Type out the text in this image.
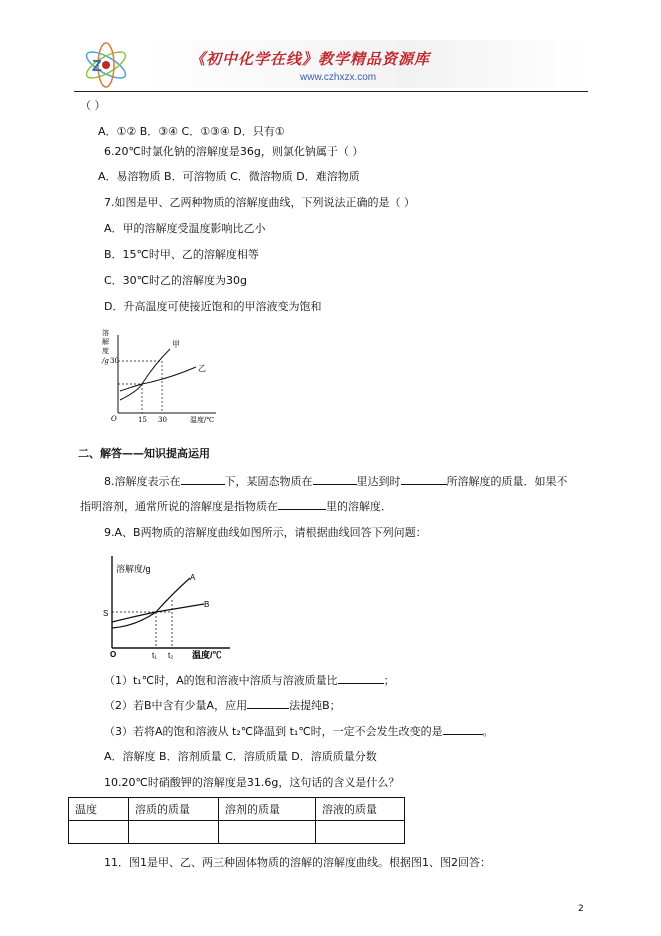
Z	《初中化学在线》教学精品资源库
www.czhxzx.com
（ ）
A．①② B．③④ C．①③④ D．只有①
6.20℃时氯化钠的溶解度是36g，则氯化钠属于（ ）
A．易溶物质 B．可溶物质 C．微溶物质 D．难溶物质
7.如图是甲、乙两种物质的溶解度曲线，下列说法正确的是（ ）
A．甲的溶解度受温度影响比乙小
B．15℃时甲、乙的溶解度相等
C．30℃时乙的溶解度为30g
D．升高温度可使接近饱和的甲溶液变为饱和
溶
解
度
/g 30
甲
乙
O	15 30	温度/℃
二、解答——知识提高运用
8.溶解度表示在	下，某固态物质在	里达到时	所溶解度的质量．如果不
指明溶剂，通常所说的溶解度是指物质在	里的溶解度．
9.A、B两物质的溶解度曲线如图所示，请根据曲线回答下列问题：
溶解度/g
S
A
B
O	t₁ t₂ 温度/℃
（1）t₁℃时，A的饱和溶液中溶质与溶液质量比	；
（2）若B中含有少量A，应用	法提纯B；
（3）若将A的饱和溶液从 t₂℃降温到 t₁℃时，一定不会发生改变的是	。
A．溶解度 B．溶剂质量 C．溶质质量 D．溶质质量分数
10.20℃时硝酸钾的溶解度是31.6g，这句话的含义是什么？
温度	溶质的质量	溶剂的质量	溶液的质量

11．图1是甲、乙、两三种固体物质的溶解的溶解度曲线。根据图1、图2回答：
2
